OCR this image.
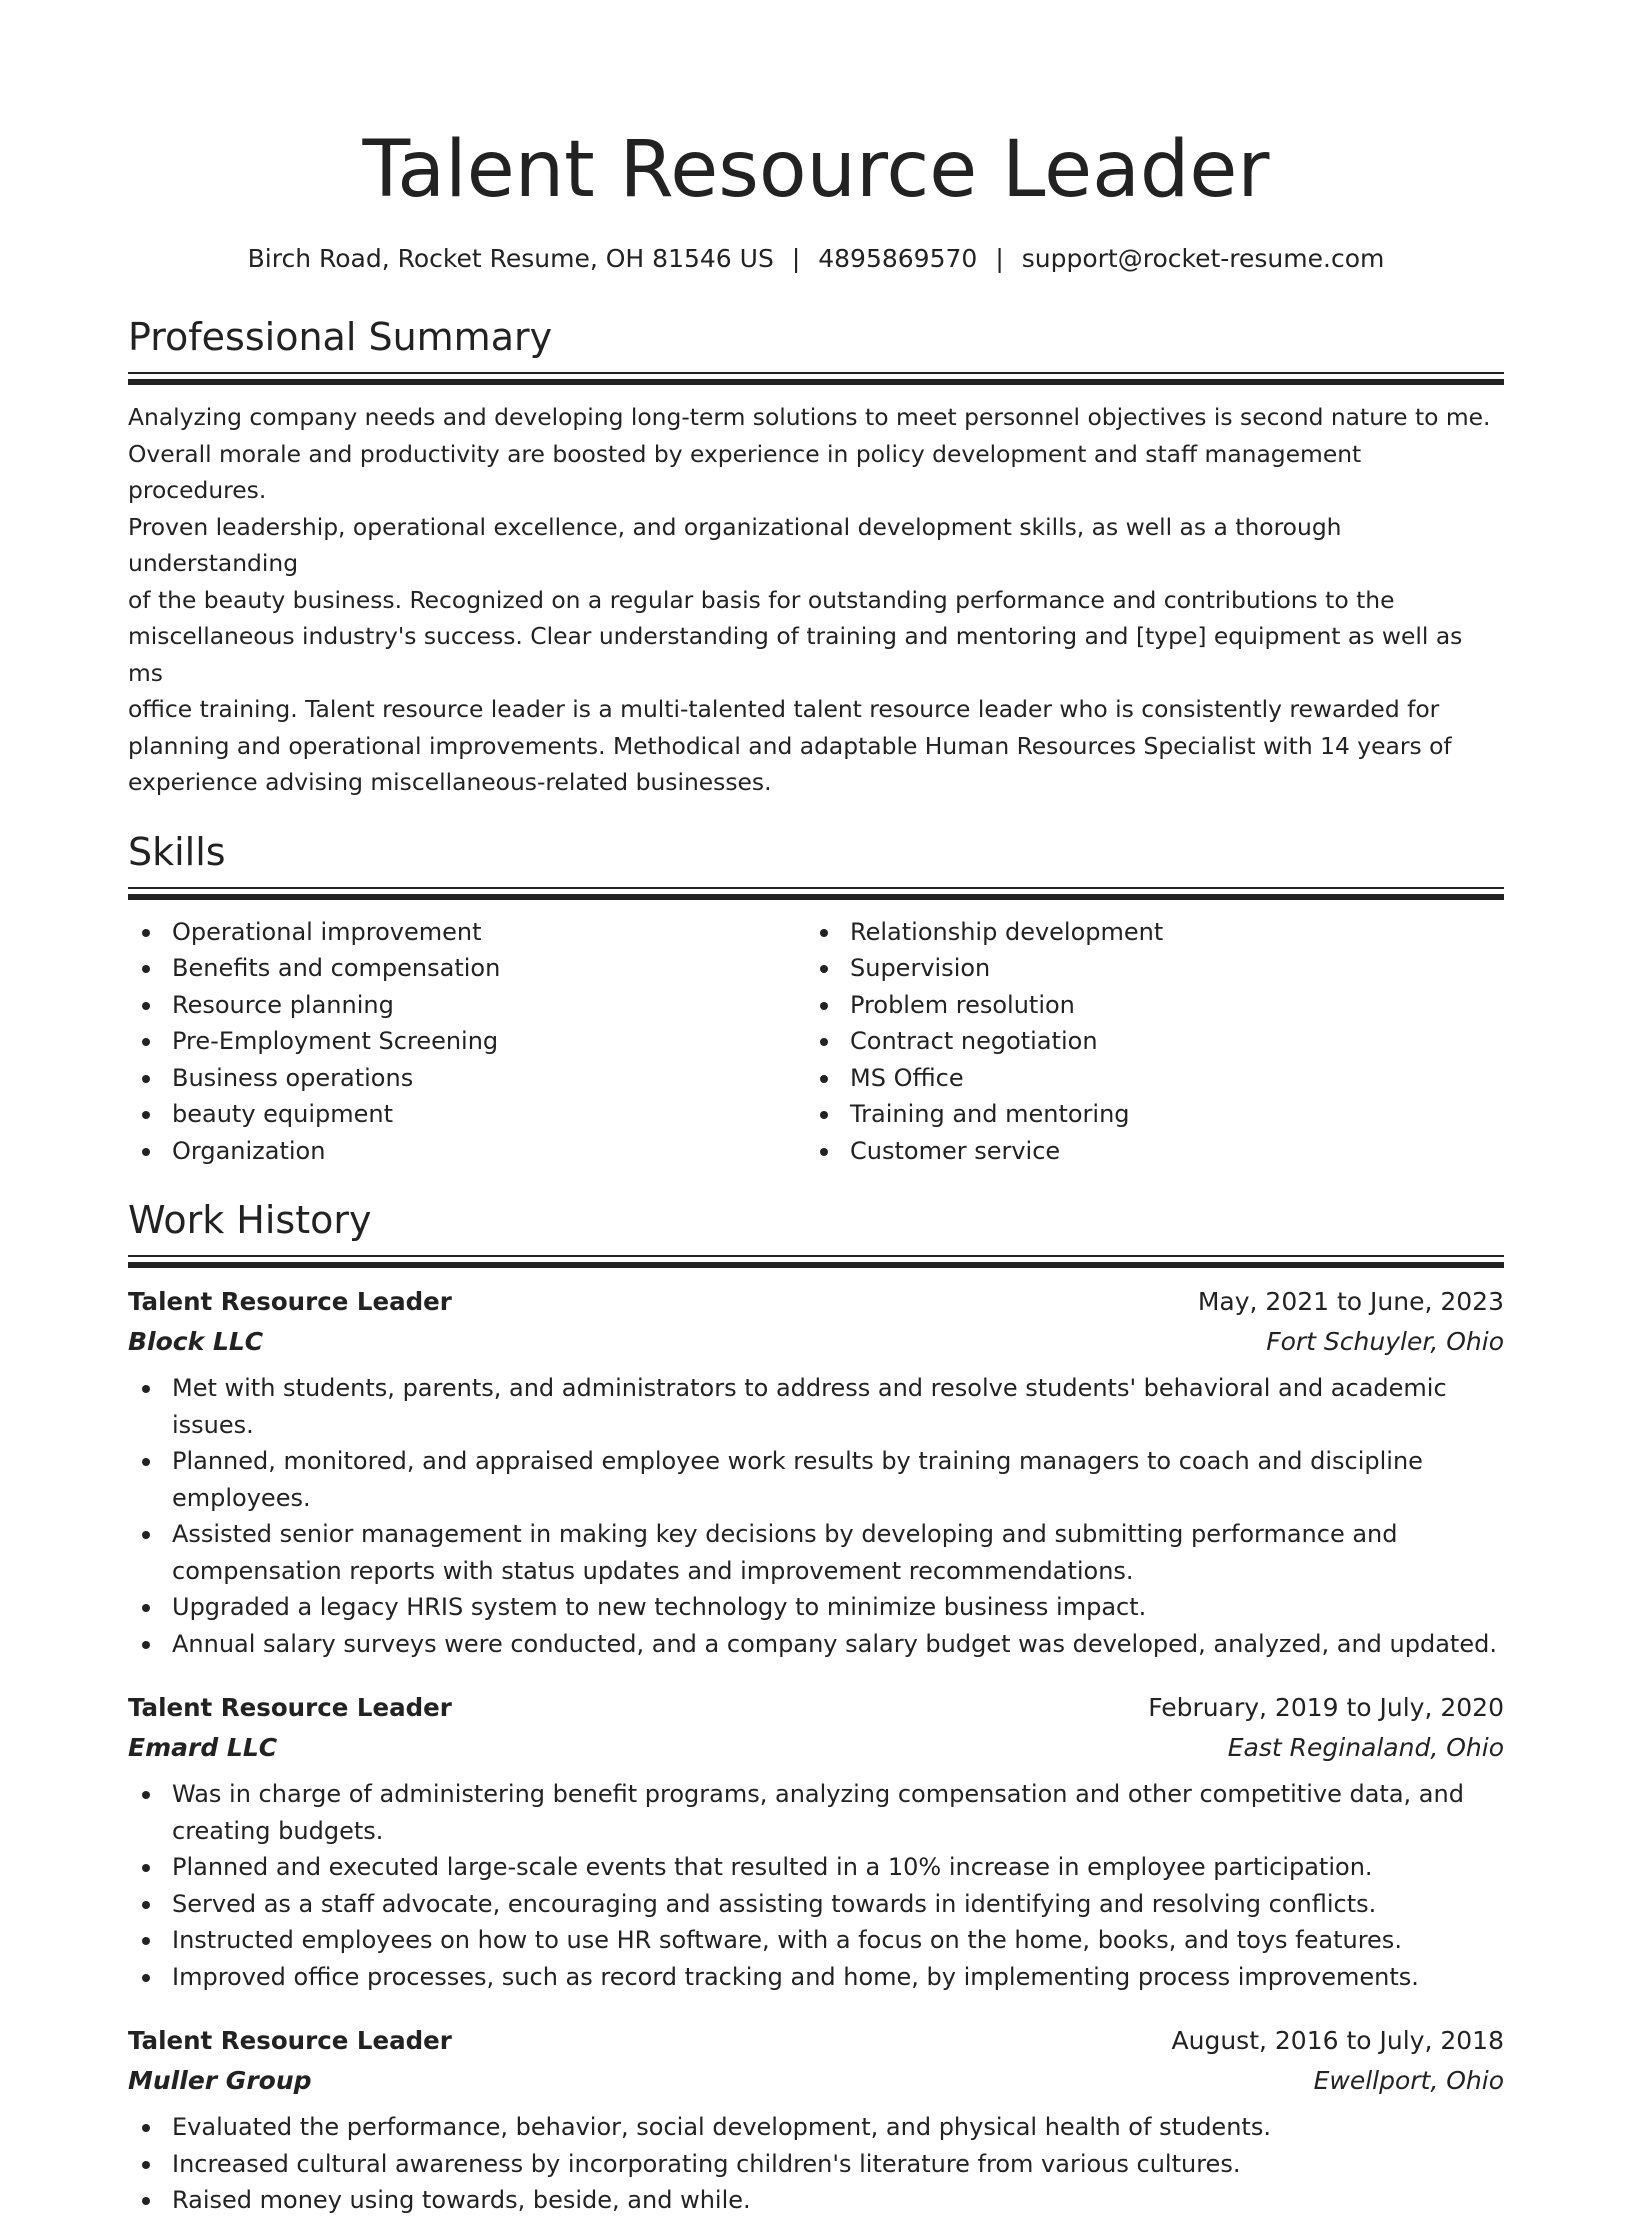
Talent Resource Leader
Birch Road, Rocket Resume, OH 81546 US | 4895869570 | support@rocket-resume.com
Professional Summary
Analyzing company needs and developing long-term solutions to meet personnel objectives is second nature to me.
Overall morale and productivity are boosted by experience in policy development and staff management procedures.
Proven leadership, operational excellence, and organizational development skills, as well as a thorough understanding
of the beauty business. Recognized on a regular basis for outstanding performance and contributions to the
miscellaneous industry's success. Clear understanding of training and mentoring and [type] equipment as well as ms
office training. Talent resource leader is a multi-talented talent resource leader who is consistently rewarded for
planning and operational improvements. Methodical and adaptable Human Resources Specialist with 14 years of
experience advising miscellaneous-related businesses.
Skills
Operational improvement
Benefits and compensation
Resource planning
Pre-Employment Screening
Business operations
beauty equipment
Organization
Relationship development
Supervision
Problem resolution
Contract negotiation
MS Office
Training and mentoring
Customer service
Work History
Talent Resource Leader	May, 2021 to June, 2023
Block LLC	Fort Schuyler, Ohio
Met with students, parents, and administrators to address and resolve students' behavioral and academic issues.
Planned, monitored, and appraised employee work results by training managers to coach and discipline
employees.
Assisted senior management in making key decisions by developing and submitting performance and
compensation reports with status updates and improvement recommendations.
Upgraded a legacy HRIS system to new technology to minimize business impact.
Annual salary surveys were conducted, and a company salary budget was developed, analyzed, and updated.
Talent Resource Leader	February, 2019 to July, 2020
Emard LLC	East Reginaland, Ohio
Was in charge of administering benefit programs, analyzing compensation and other competitive data, and
creating budgets.
Planned and executed large-scale events that resulted in a 10% increase in employee participation.
Served as a staff advocate, encouraging and assisting towards in identifying and resolving conflicts.
Instructed employees on how to use HR software, with a focus on the home, books, and toys features.
Improved office processes, such as record tracking and home, by implementing process improvements.
Talent Resource Leader	August, 2016 to July, 2018
Muller Group	Ewellport, Ohio
Evaluated the performance, behavior, social development, and physical health of students.
Increased cultural awareness by incorporating children's literature from various cultures.
Raised money using towards, beside, and while.
